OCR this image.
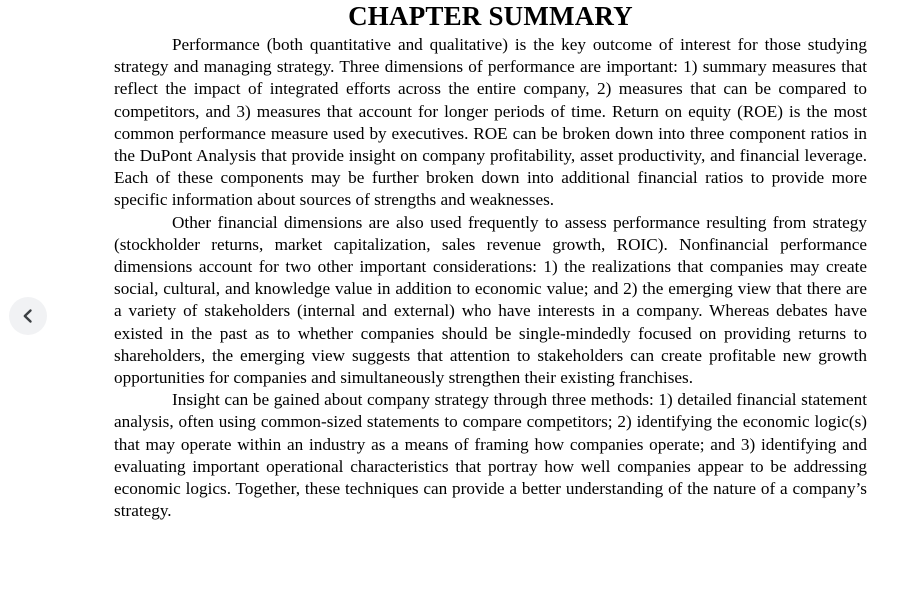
CHAPTER SUMMARY

Performance (both quantitative and qualitative) is the key outcome of interest for those studying strategy and managing strategy. Three dimensions of performance are important: 1) summary measures that reflect the impact of integrated efforts across the entire company, 2) measures that can be compared to competitors, and 3) measures that account for longer periods of time. Return on equity (ROE) is the most common performance measure used by executives. ROE can be broken down into three component ratios in the DuPont Analysis that provide insight on company profitability, asset productivity, and financial leverage. Each of these components may be further broken down into additional financial ratios to provide more specific information about sources of strengths and weaknesses.

Other financial dimensions are also used frequently to assess performance resulting from strategy (stockholder returns, market capitalization, sales revenue growth, ROIC). Nonfinancial performance dimensions account for two other important considerations: 1) the realizations that companies may create social, cultural, and knowledge value in addition to economic value; and 2) the emerging view that there are a variety of stakeholders (internal and external) who have interests in a company. Whereas debates have existed in the past as to whether companies should be single-mindedly focused on providing returns to shareholders, the emerging view suggests that attention to stakeholders can create profitable new growth opportunities for companies and simultaneously strengthen their existing franchises.

Insight can be gained about company strategy through three methods: 1) detailed financial statement analysis, often using common-sized statements to compare competitors; 2) identifying the economic logic(s) that may operate within an industry as a means of framing how companies operate; and 3) identifying and evaluating important operational characteristics that portray how well companies appear to be addressing economic logics. Together, these techniques can provide a better understanding of the nature of a company’s strategy.
